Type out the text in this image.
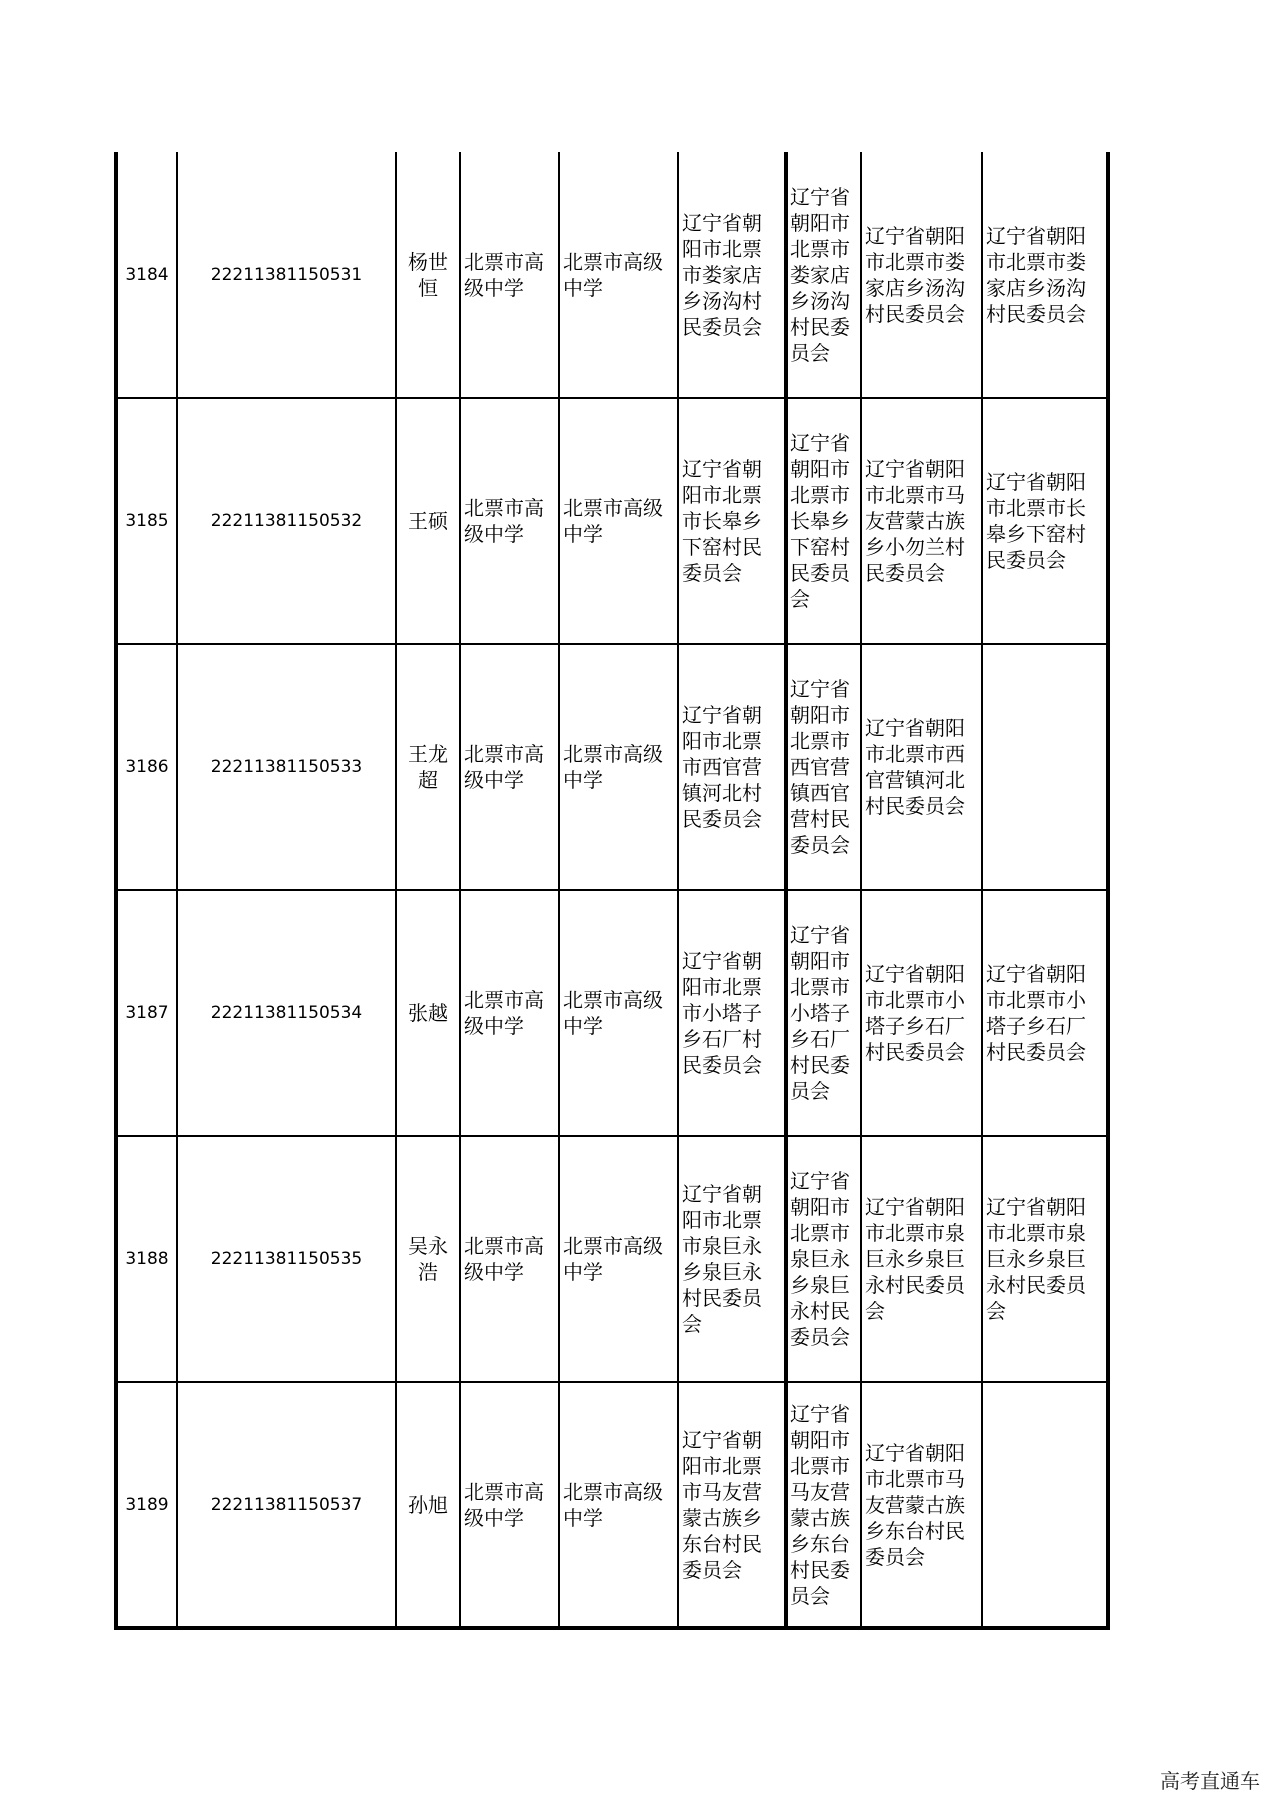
3184	22211381150531	杨世恒	北票市高级中学	北票市高级中学	辽宁省朝阳市北票市娄家店乡汤沟村民委员会	辽宁省朝阳市北票市娄家店乡汤沟村民委员会	辽宁省朝阳市北票市娄家店乡汤沟村民委员会	辽宁省朝阳市北票市娄家店乡汤沟村民委员会
3185	22211381150532	王硕	北票市高级中学	北票市高级中学	辽宁省朝阳市北票市长皋乡下窑村民委员会	辽宁省朝阳市北票市长皋乡下窑村民委员会	辽宁省朝阳市北票市马友营蒙古族乡小勿兰村民委员会	辽宁省朝阳市北票市长皋乡下窑村民委员会
3186	22211381150533	王龙超	北票市高级中学	北票市高级中学	辽宁省朝阳市北票市西官营镇河北村民委员会	辽宁省朝阳市北票市西官营镇西官营村民委员会	辽宁省朝阳市北票市西官营镇河北村民委员会	
3187	22211381150534	张越	北票市高级中学	北票市高级中学	辽宁省朝阳市北票市小塔子乡石厂村民委员会	辽宁省朝阳市北票市小塔子乡石厂村民委员会	辽宁省朝阳市北票市小塔子乡石厂村民委员会	辽宁省朝阳市北票市小塔子乡石厂村民委员会
3188	22211381150535	吴永浩	北票市高级中学	北票市高级中学	辽宁省朝阳市北票市泉巨永乡泉巨永村民委员会	辽宁省朝阳市北票市泉巨永乡泉巨永村民委员会	辽宁省朝阳市北票市泉巨永乡泉巨永村民委员会	辽宁省朝阳市北票市泉巨永乡泉巨永村民委员会
3189	22211381150537	孙旭	北票市高级中学	北票市高级中学	辽宁省朝阳市北票市马友营蒙古族乡东台村民委员会	辽宁省朝阳市北票市马友营蒙古族乡东台村民委员会	辽宁省朝阳市北票市马友营蒙古族乡东台村民委员会	
高考直通车
